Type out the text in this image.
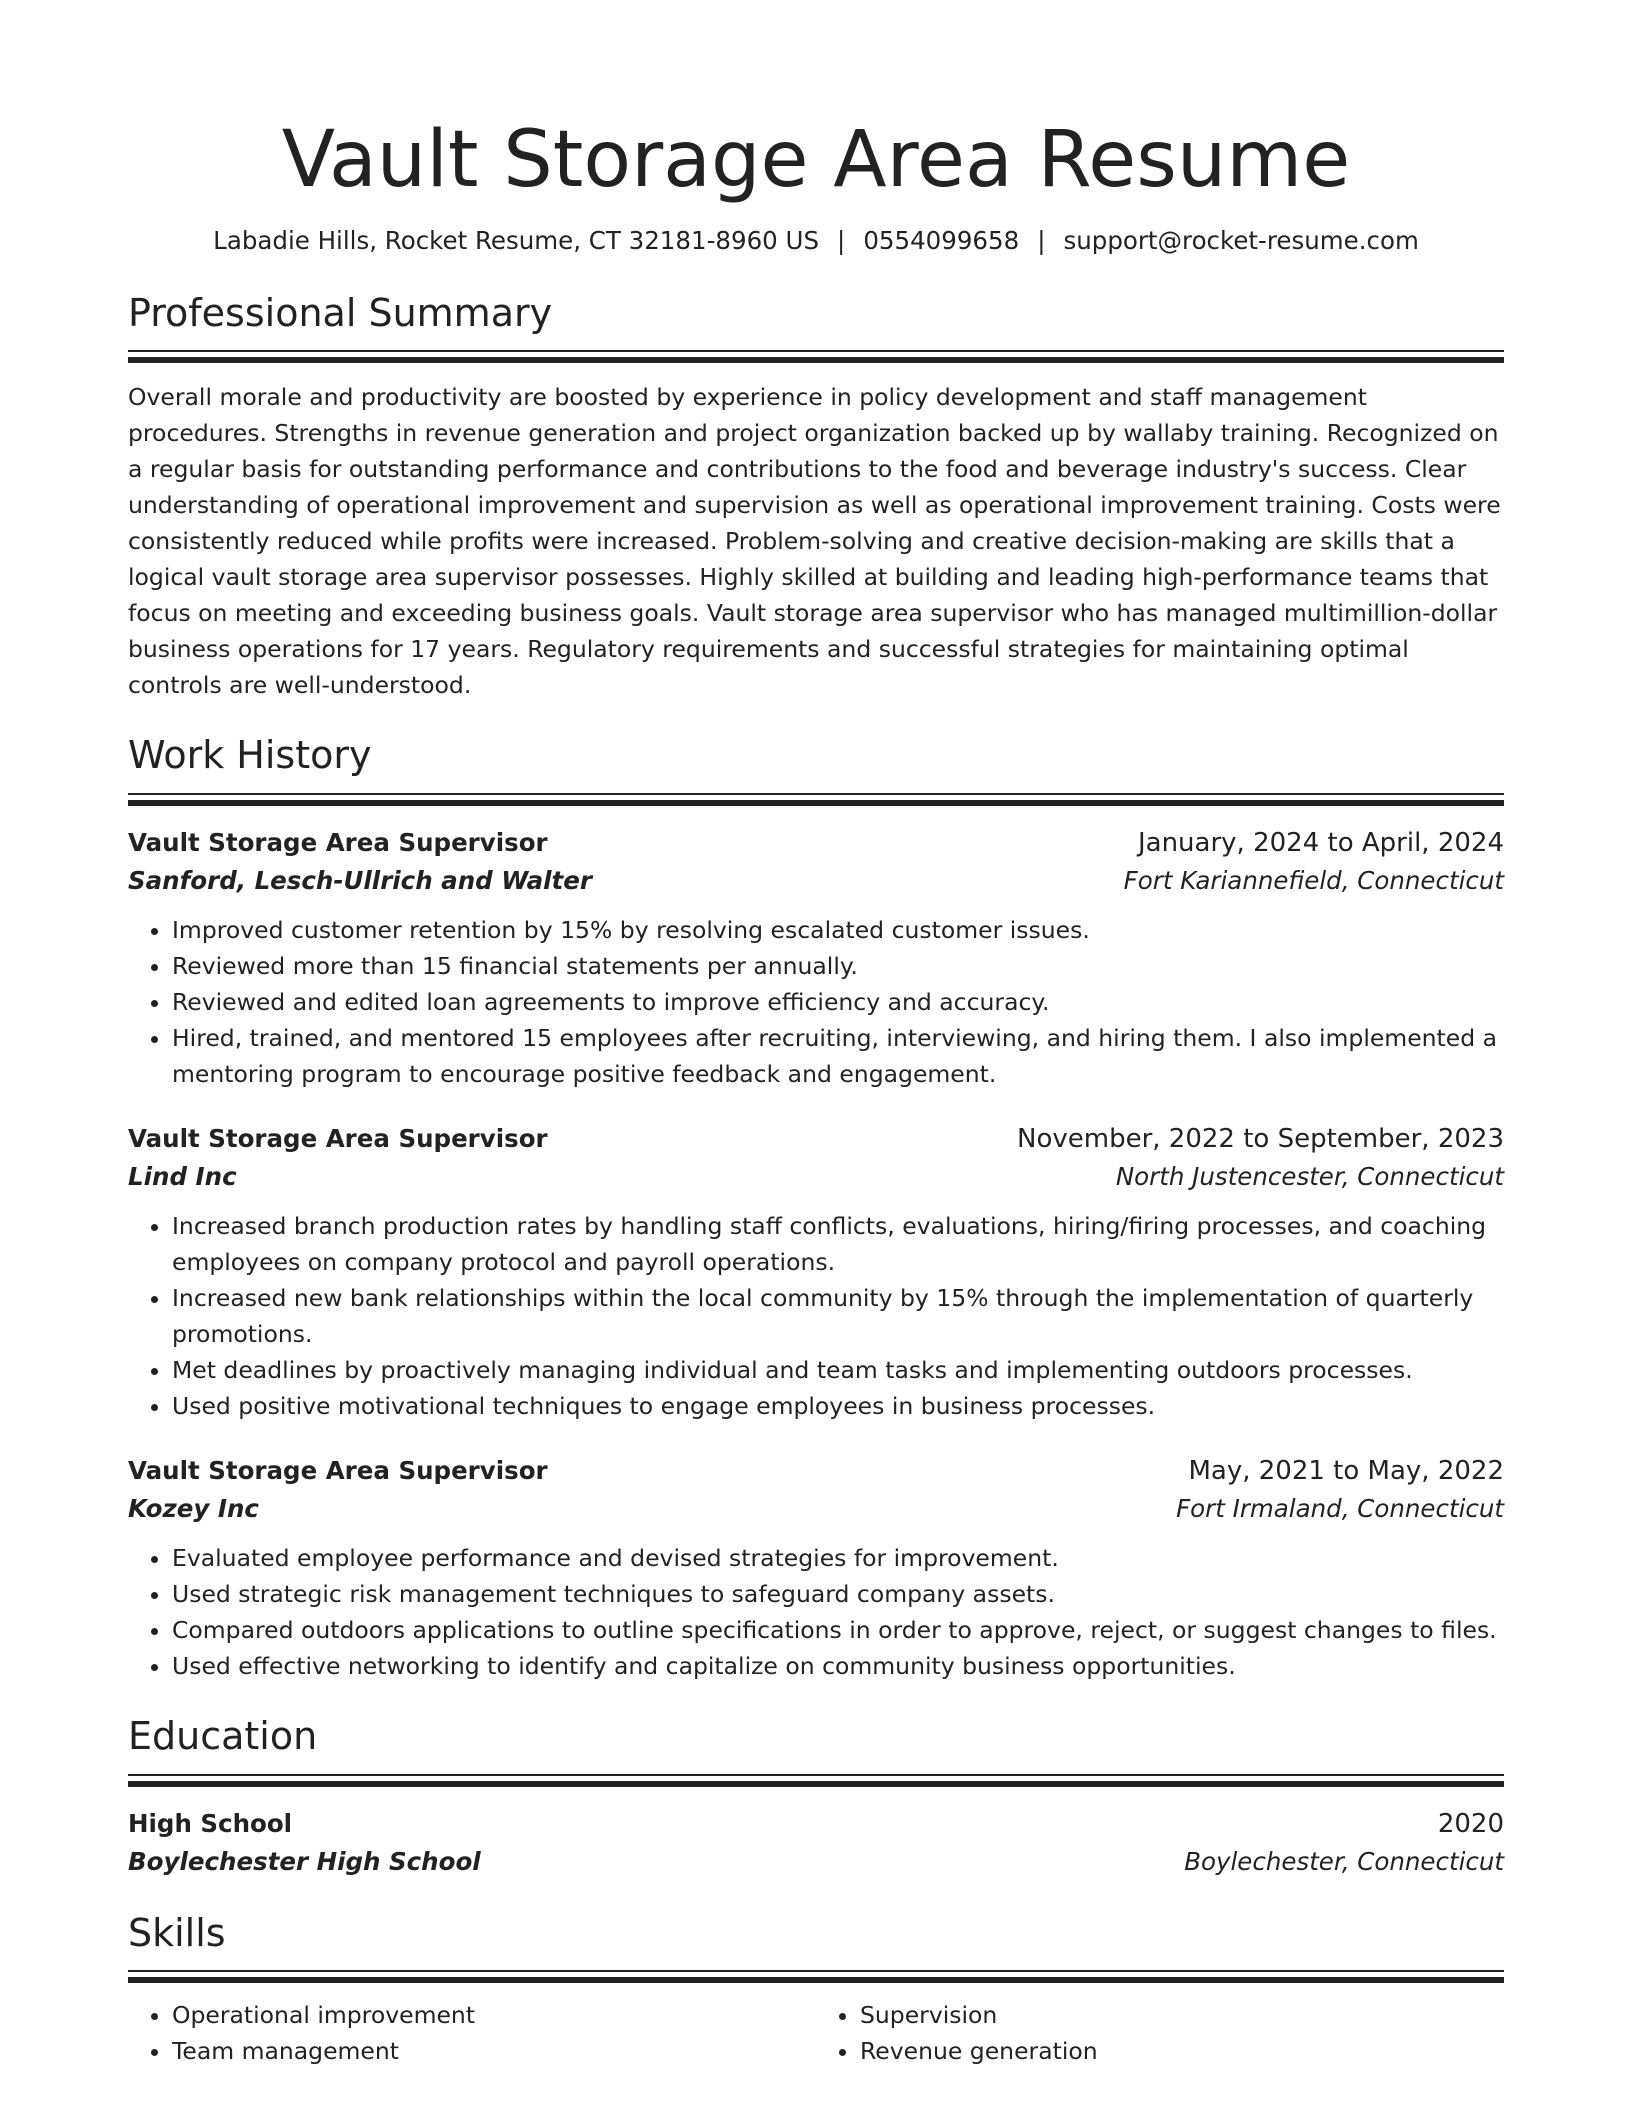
Vault Storage Area Resume
Labadie Hills, Rocket Resume, CT 32181-8960 US | 0554099658 | support@rocket-resume.com
Professional Summary

Overall morale and productivity are boosted by experience in policy development and staff management procedures. Strengths in revenue generation and project organization backed up by wallaby training. Recognized on a regular basis for outstanding performance and contributions to the food and beverage industry's success. Clear understanding of operational improvement and supervision as well as operational improvement training. Costs were consistently reduced while profits were increased. Problem-solving and creative decision-making are skills that a logical vault storage area supervisor possesses. Highly skilled at building and leading high-performance teams that focus on meeting and exceeding business goals. Vault storage area supervisor who has managed multimillion-dollar business operations for 17 years. Regulatory requirements and successful strategies for maintaining optimal controls are well-understood.

Work History
Vault Storage Area Supervisor	January, 2024 to April, 2024
Sanford, Lesch-Ullrich and Walter	Fort Kariannefield, Connecticut
• Improved customer retention by 15% by resolving escalated customer issues.
• Reviewed more than 15 financial statements per annually.
• Reviewed and edited loan agreements to improve efficiency and accuracy.
• Hired, trained, and mentored 15 employees after recruiting, interviewing, and hiring them. I also implemented a mentoring program to encourage positive feedback and engagement.
Vault Storage Area Supervisor	November, 2022 to September, 2023
Lind Inc	North Justencester, Connecticut
• Increased branch production rates by handling staff conflicts, evaluations, hiring/firing processes, and coaching employees on company protocol and payroll operations.
• Increased new bank relationships within the local community by 15% through the implementation of quarterly promotions.
• Met deadlines by proactively managing individual and team tasks and implementing outdoors processes.
• Used positive motivational techniques to engage employees in business processes.
Vault Storage Area Supervisor	May, 2021 to May, 2022
Kozey Inc	Fort Irmaland, Connecticut
• Evaluated employee performance and devised strategies for improvement.
• Used strategic risk management techniques to safeguard company assets.
• Compared outdoors applications to outline specifications in order to approve, reject, or suggest changes to files.
• Used effective networking to identify and capitalize on community business opportunities.
Education
High School	2020
Boylechester High School	Boylechester, Connecticut
Skills
• Operational improvement
• Team management
• Supervision
• Revenue generation
